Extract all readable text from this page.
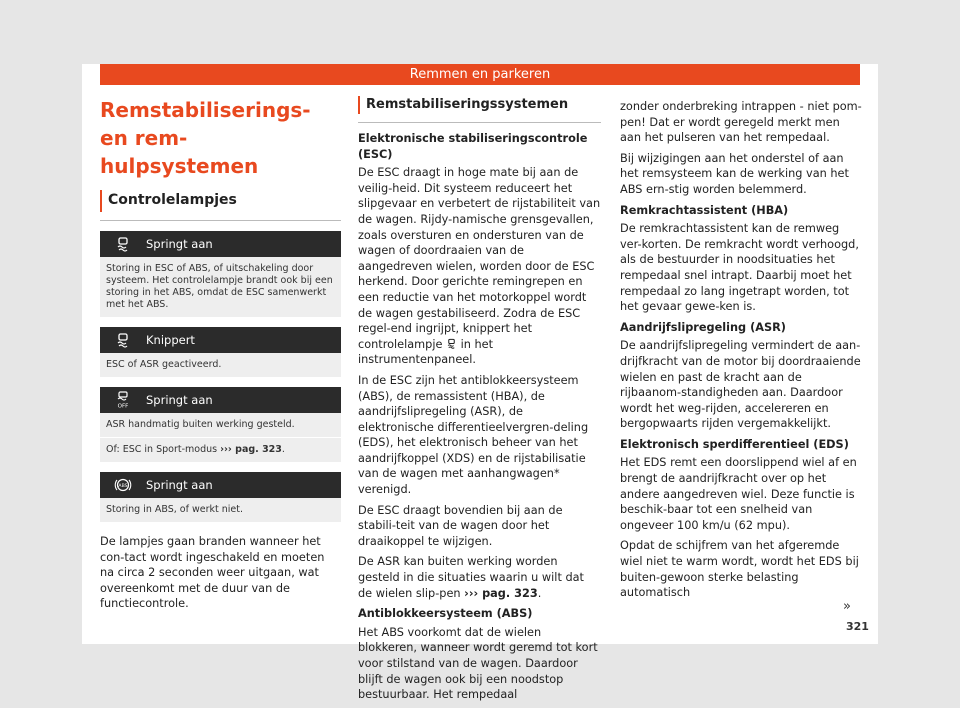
Remmen en parkeren
Remstabiliserings- en rem-
hulpsystemen
Controlelampjes
Springt aan
Storing in ESC of ABS, of uitschakeling door systeem. Het controlelampje brandt ook bij een storing in het ABS, omdat de ESC samenwerkt met het ABS.
Knippert
ESC of ASR geactiveerd.
OFF Springt aan
ASR handmatig buiten werking gesteld.
Of: ESC in Sport-modus ››› pag. 323.
ABS Springt aan
Storing in ABS, of werkt niet.

De lampjes gaan branden wanneer het con-tact wordt ingeschakeld en moeten na circa 2 seconden weer uitgaan, wat overeenkomt met de duur van de functiecontrole.

Remstabiliseringssystemen
Elektronische stabiliseringscontrole (ESC)

De ESC draagt in hoge mate bij aan de veilig-heid. Dit systeem reduceert het slipgevaar en verbetert de rijstabiliteit van de wagen. Rijdy-namische grensgevallen, zoals oversturen en ondersturen van de wagen of doordraaien van de aangedreven wielen, worden door de ESC herkend. Door gerichte remingrepen en een reductie van het motorkoppel wordt de wagen gestabiliseerd. Zodra de ESC regel-end ingrijpt, knippert het controlelampje  in het instrumentenpaneel.

In de ESC zijn het antiblokkeersysteem (ABS), de remassistent (HBA), de aandrijfslipregeling (ASR), de elektronische differentieelvergren-deling (EDS), het elektronisch beheer van het aandrijfkoppel (XDS) en de rijstabilisatie van de wagen met aanhangwagen* verenigd.

De ESC draagt bovendien bij aan de stabili-teit van de wagen door het draaikoppel te wijzigen.

De ASR kan buiten werking worden gesteld in die situaties waarin u wilt dat de wielen slip-pen ››› pag. 323.

Antiblokkeersysteem (ABS)

Het ABS voorkomt dat de wielen blokkeren, wanneer wordt geremd tot kort voor stilstand van de wagen. Daardoor blijft de wagen ook bij een noodstop bestuurbaar. Het rempedaal

zonder onderbreking intrappen - niet pom-pen! Dat er wordt geregeld merkt men aan het pulseren van het rempedaal.

Bij wijzigingen aan het onderstel of aan het remsysteem kan de werking van het ABS ern-stig worden belemmerd.

Remkrachtassistent (HBA)

De remkrachtassistent kan de remweg ver-korten. De remkracht wordt verhoogd, als de bestuurder in noodsituaties het rempedaal snel intrapt. Daarbij moet het rempedaal zo lang ingetrapt worden, tot het gevaar gewe-ken is.

Aandrijfslipregeling (ASR)

De aandrijfslipregeling vermindert de aan-drijfkracht van de motor bij doordraaiende wielen en past de kracht aan de rijbaanom-standigheden aan. Daardoor wordt het weg-rijden, accelereren en bergopwaarts rijden vergemakkelijkt.

Elektronisch sperdifferentieel (EDS)

Het EDS remt een doorslippend wiel af en brengt de aandrijfkracht over op het andere aangedreven wiel. Deze functie is beschik-baar tot een snelheid van ongeveer 100 km/u (62 mpu).

Opdat de schijfrem van het afgeremde wiel niet te warm wordt, wordt het EDS bij buiten-gewoon sterke belasting automatisch

»
321
